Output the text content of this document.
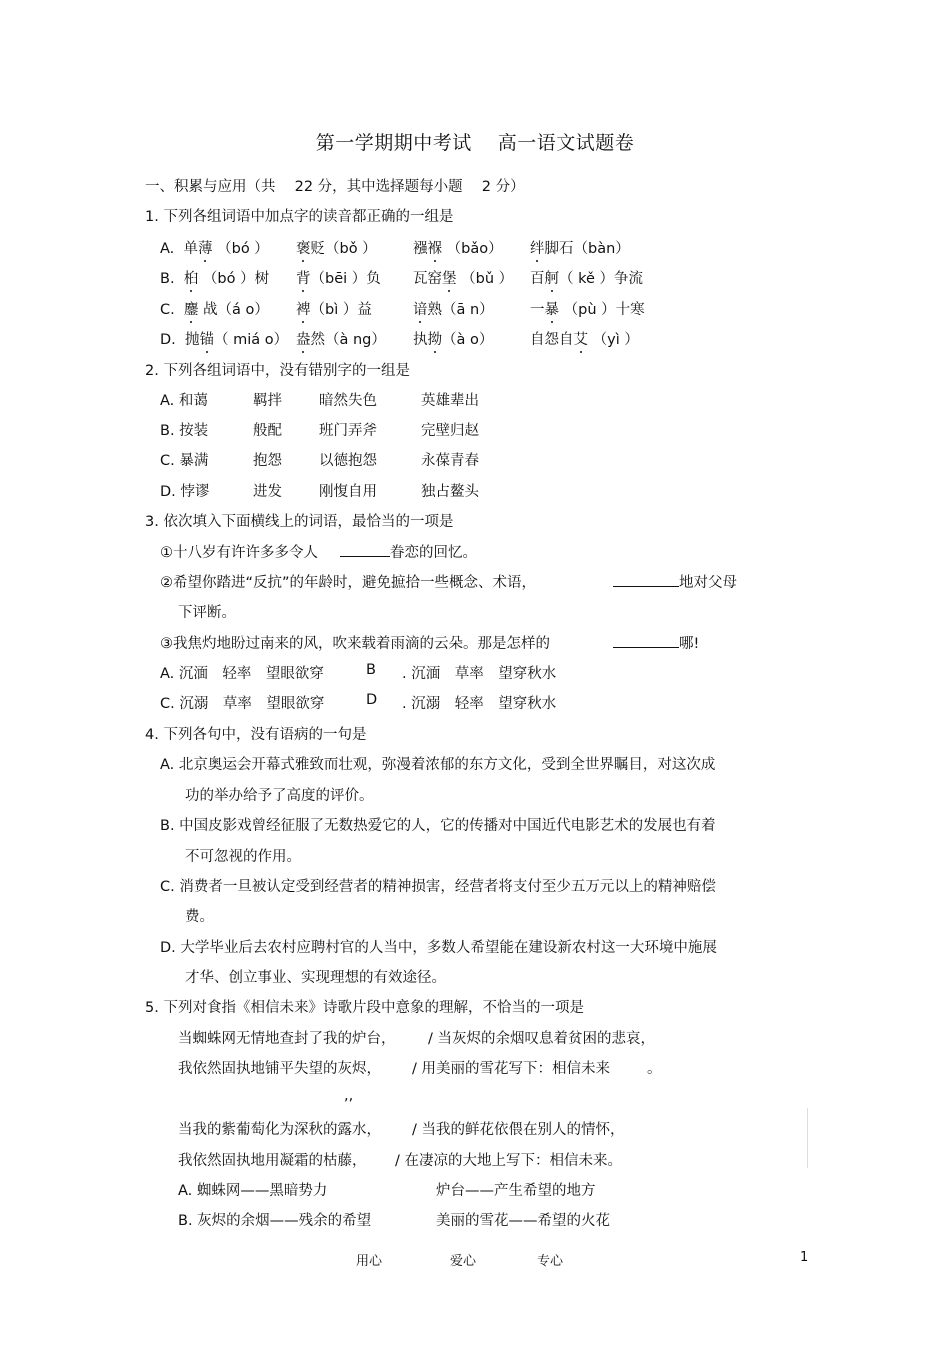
第一学期期中考试　 高一语文试题卷
一、积累与应用（共　 22 分，其中选择题每小题　 2 分）
1. 下列各组词语中加点字的读音都正确的一组是
A.  单薄 （bó ） 褒贬（bǒ ）	襁褓 （bǎo） 绊脚石（bàn）
B.  桕 （bó ）树 背（bēi ）负 瓦窑堡 （bǔ ） 百舸（ kě ）争流
C.  鏖 战（á o） 裨（bì ）益	谙熟（ā n）	一暴 （pù ）十寒
D.  抛锚（ miá o） 盎然（à ng） 执拗（à o）	自怨自艾 （yì ）
2. 下列各组词语中，没有错别字的一组是
A. 和蔼	羁拌	暗然失色	英雄辈出
B. 按装	般配	班门弄斧	完壁归赵
C. 暴满	抱怨	以德抱怨	永葆青春
D. 悖谬	进发	刚愎自用	独占鳌头
3. 依次填入下面横线上的词语，最恰当的一项是
①十八岁有许许多多令人	眷恋的回忆。
②希望你踏进“反抗”的年龄时，避免摭拾一些概念、术语，	地对父母
下评断。
③我焦灼地盼过南来的风，吹来载着雨滴的云朵。那是怎样的	哪!
A. 沉湎　轻率　望眼欲穿	B . 沉湎　草率　望穿秋水
C. 沉溺　草率　望眼欲穿	D . 沉溺　轻率　望穿秋水
4. 下列各句中，没有语病的一句是
A. 北京奥运会开幕式雅致而壮观，弥漫着浓郁的东方文化，受到全世界瞩目，对这次成
功的举办给予了高度的评价。
B. 中国皮影戏曾经征服了无数热爱它的人，它的传播对中国近代电影艺术的发展也有着
不可忽视的作用。
C. 消费者一旦被认定受到经营者的精神损害，经营者将支付至少五万元以上的精神赔偿
费。
D. 大学毕业后去农村应聘村官的人当中，多数人希望能在建设新农村这一大环境中施展
才华、创立事业、实现理想的有效途径。
5. 下列对食指《相信未来》诗歌片段中意象的理解，不恰当的一项是
当蜘蛛网无情地查封了我的炉台， / 当灰烬的余烟叹息着贫困的悲哀，
我依然固执地铺平失望的灰烬， / 用美丽的雪花写下：相信未来	。
,,
当我的紫葡萄化为深秋的露水， / 当我的鲜花依偎在别人的情怀，
我依然固执地用凝霜的枯藤， / 在凄凉的大地上写下：相信未来。
A. 蜘蛛网——黑暗势力	炉台——产生希望的地方
B. 灰烬的余烟——残余的希望	美丽的雪花——希望的火花
用心	爱心	专心	1
